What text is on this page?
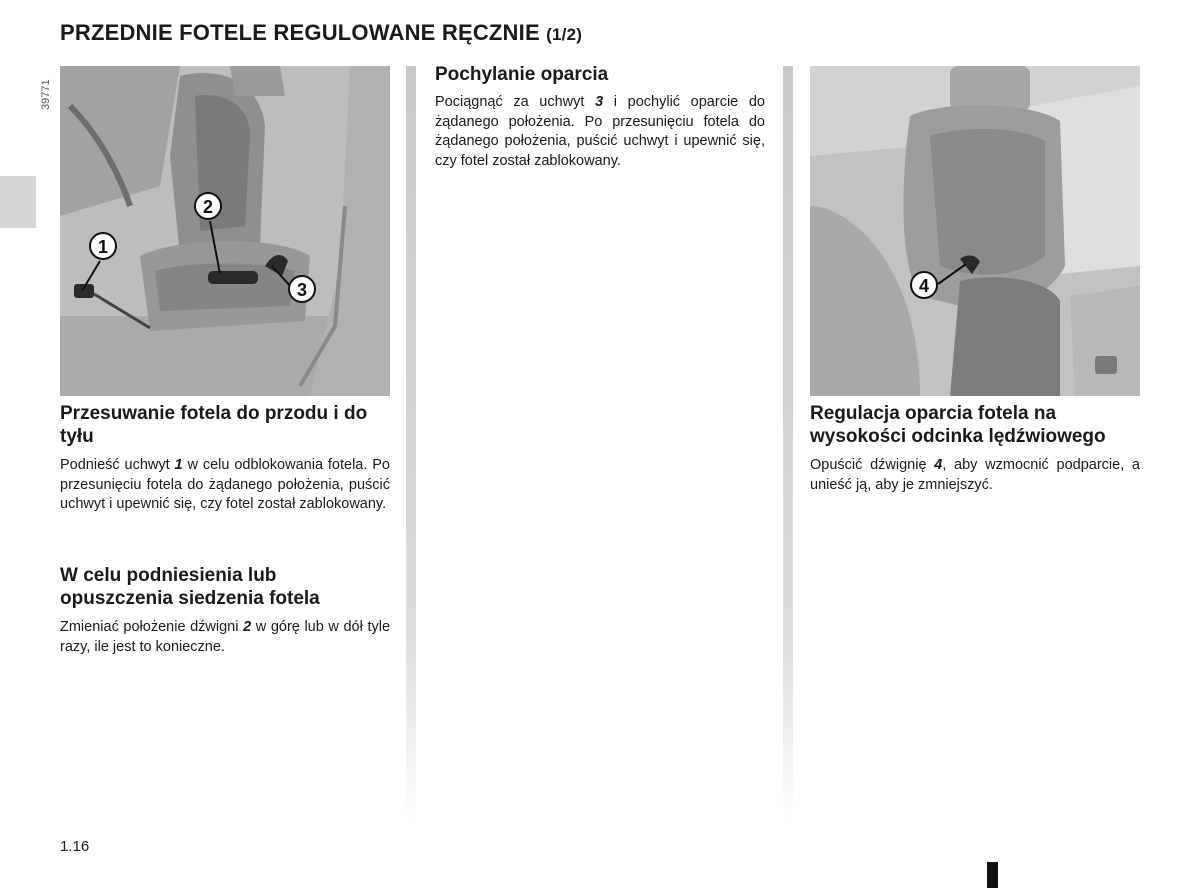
PRZEDNIE FOTELE REGULOWANE RĘCZNIE (1/2)
39771
1
2
3	4
Przesuwanie fotela do przodu i do tyłu

Podnieść uchwyt 1 w celu odblokowania fotela. Po przesunięciu fotela do żądanego położenia, puścić uchwyt i upewnić się, czy fotel został zablokowany.

W celu podniesienia lub opuszczenia siedzenia fotela

Zmieniać położenie dźwigni 2 w górę lub w dół tyle razy, ile jest to konieczne.

Pochylanie oparcia

Pociągnąć za uchwyt 3 i pochylić oparcie do żądanego położenia. Po przesunięciu fotela do żądanego położenia, puścić uchwyt i upewnić się, czy fotel został zablokowany.

Regulacja oparcia fotela na wysokości odcinka lędźwiowego

Opuścić dźwignię 4, aby wzmocnić podparcie, a unieść ją, aby je zmniejszyć.

1.16
